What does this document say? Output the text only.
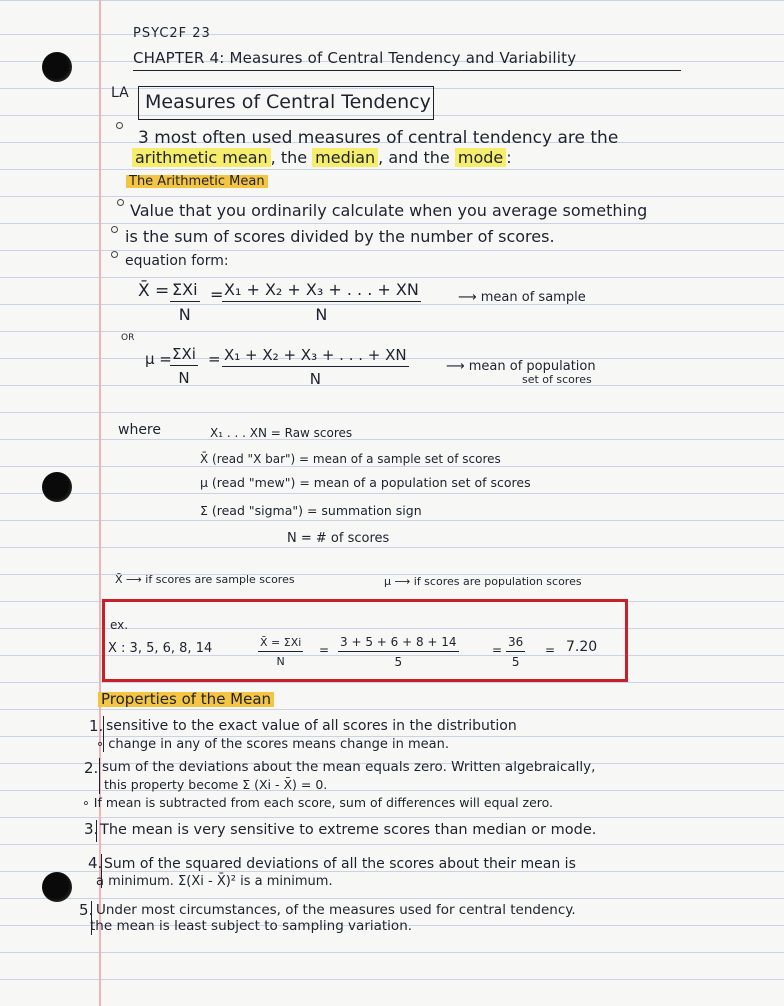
PSYC2F 23
CHAPTER 4: Measures of Central Tendency and Variability
LA Measures of Central Tendency
3 most often used measures of central tendency are the
arithmetic mean , the median , and the mode :
The Arithmetic Mean
Value that you ordinarily calculate when you average something
is the sum of scores divided by the number of scores.
equation form:
X̄ = ΣXi
N
=
$\frac{\text{X₁ + X₂ + X₃ + . . . + XN}}{N}$	⟶ mean of sample
OR
μ = ΣXi
N
= $\frac{\text{X₁ + X₂ + X₃ + . . . + XN}}{N}$	⟶ mean of population
set of scores
where	X₁ . . . XN = Raw scores
X̄ (read "X bar") = mean of a sample set of scores
μ (read "mew") = mean of a population set of scores
Σ (read "sigma") = summation sign
N = # of scores
X̄ ⟶ if scores are sample scores	μ ⟶ if scores are population scores
ex.
X : 3, 5, 6, 8, 14	X̄ = ΣXi
N
= $\frac{3 + 5 + 6 + 8 + 14}{5}$	= $\frac{36}{5} = 7.20$
Properties of the Mean
1. sensitive to the exact value of all scores in the distribution
∘ change in any of the scores means change in mean.
2. sum of the deviations about the mean equals zero. Written algebraically,
this property become Σ (Xi - X̄) = 0.
∘ If mean is subtracted from each score, sum of differences will equal zero.
3. The mean is very sensitive to extreme scores than median or mode.
4. Sum of the squared deviations of all the scores about their mean is
a minimum. Σ(Xi - X̄)² is a minimum.
5. Under most circumstances, of the measures used for central tendency.
the mean is least subject to sampling variation.
